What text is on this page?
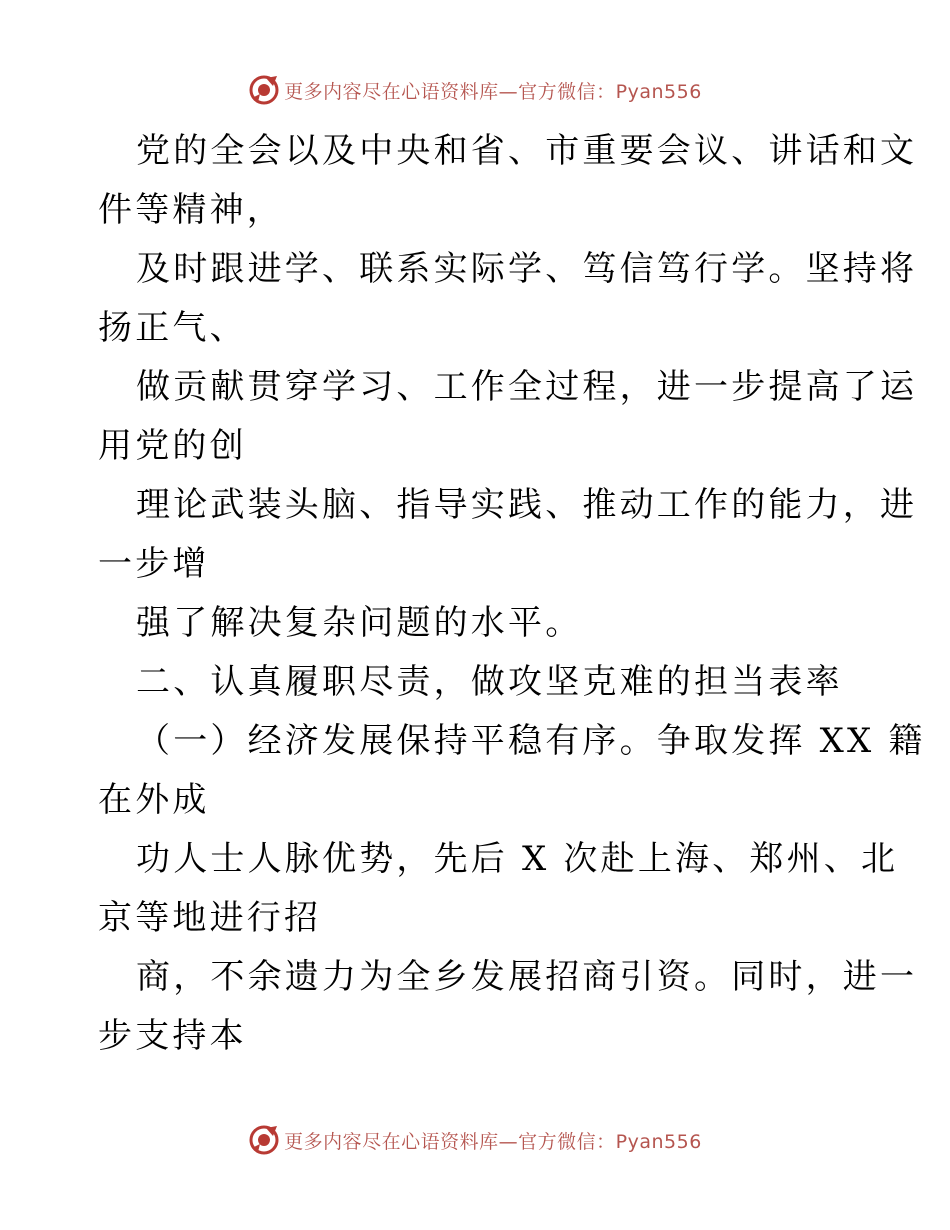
更多内容尽在心语资料库—官方微信：Pyan556
党的全会以及中央和省、市重要会议、讲话和文
件等精神，
及时跟进学、联系实际学、笃信笃行学。坚持将
扬正气、
做贡献贯穿学习、工作全过程，进一步提高了运
用党的创
理论武装头脑、指导实践、推动工作的能力，进
一步增
强了解决复杂问题的水平。
二、认真履职尽责，做攻坚克难的担当表率
（一）经济发展保持平稳有序。争取发挥 XX 籍
在外成
功人士人脉优势，先后 X 次赴上海、郑州、北
京等地进行招
商，不余遗力为全乡发展招商引资。同时，进一
步支持本
更多内容尽在心语资料库—官方微信：Pyan556
